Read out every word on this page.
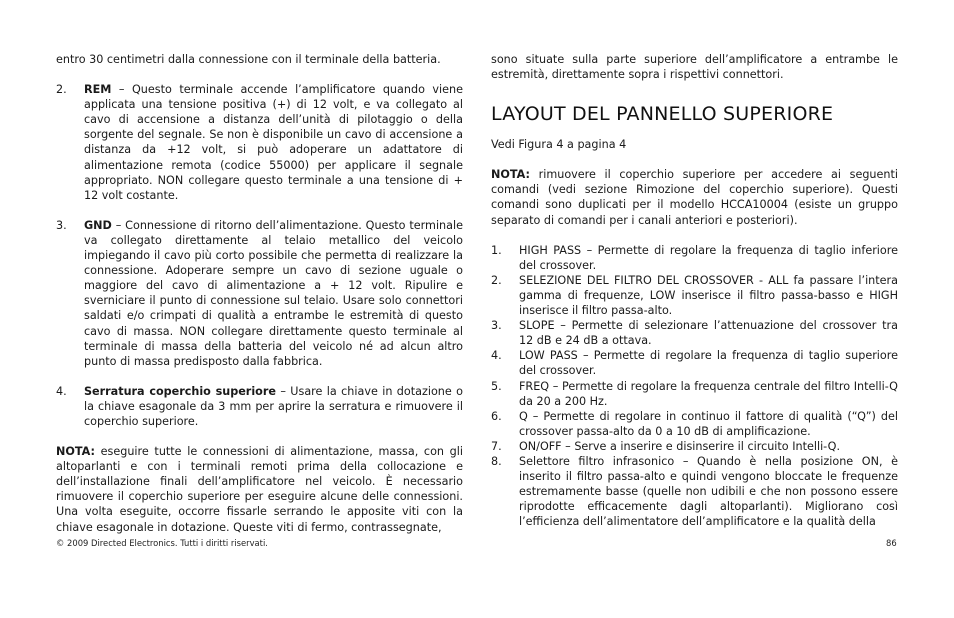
entro 30 centimetri dalla connessione con il terminale della batteria.

2.	REM – Questo terminale accende l’amplificatore quando viene applicata una tensione positiva (+) di 12 volt, e va collegato al cavo di accensione a distanza dell’unità di pilotaggio o della sorgente del segnale. Se non è disponibile un cavo di accensione a distanza da +12 volt, si può adoperare un adattatore di alimentazione remota (codice 55000) per applicare il segnale appropriato. NON collegare questo terminale a una tensione di + 12 volt costante.

3.	GND – Connessione di ritorno dell’alimentazione. Questo terminale va collegato direttamente al telaio metallico del veicolo impiegando il cavo più corto possibile che permetta di realizzare la connessione. Adoperare sempre un cavo di sezione uguale o maggiore del cavo di alimentazione a + 12 volt. Ripulire e sverniciare il punto di connessione sul telaio. Usare solo connettori saldati e/o crimpati di qualità a entrambe le estremità di questo cavo di massa. NON collegare direttamente questo terminale al terminale di massa della batteria del veicolo né ad alcun altro punto di massa predisposto dalla fabbrica.

4.	Serratura coperchio superiore – Usare la chiave in dotazione o la chiave esagonale da 3 mm per aprire la serratura e rimuovere il coperchio superiore.

NOTA: eseguire tutte le connessioni di alimentazione, massa, con gli altoparlanti e con i terminali remoti prima della collocazione e dell’installazione finali dell’amplificatore nel veicolo. È necessario rimuovere il coperchio superiore per eseguire alcune delle connessioni. Una volta eseguite, occorre fissarle serrando le apposite viti con la chiave esagonale in dotazione. Queste viti di fermo, contrassegnate,

sono situate sulla parte superiore dell’amplificatore a entrambe le estremità, direttamente sopra i rispettivi connettori.

LAYOUT DEL PANNELLO SUPERIORE

Vedi Figura 4 a pagina 4

NOTA: rimuovere il coperchio superiore per accedere ai seguenti comandi (vedi sezione Rimozione del coperchio superiore). Questi comandi sono duplicati per il modello HCCA10004 (esiste un gruppo separato di comandi per i canali anteriori e posteriori).

1.	HIGH PASS – Permette di regolare la frequenza di taglio inferiore del crossover.

2.	SELEZIONE DEL FILTRO DEL CROSSOVER - ALL fa passare l’intera gamma di frequenze, LOW inserisce il filtro passa-basso e HIGH inserisce il filtro passa-alto.

3.	SLOPE – Permette di selezionare l’attenuazione del crossover tra 12 dB e 24 dB a ottava.

4.	LOW PASS – Permette di regolare la frequenza di taglio superiore del crossover.

5.	FREQ – Permette di regolare la frequenza centrale del filtro Intelli-Q da 20 a 200 Hz.

6.	Q – Permette di regolare in continuo il fattore di qualità (“Q”) del crossover passa-alto da 0 a 10 dB di amplificazione.

7.	ON/OFF – Serve a inserire e disinserire il circuito Intelli-Q.

8.	Selettore filtro infrasonico – Quando è nella posizione ON, è inserito il filtro passa-alto e quindi vengono bloccate le frequenze estremamente basse (quelle non udibili e che non possono essere riprodotte efficacemente dagli altoparlanti). Migliorano così l’efficienza dell’alimentatore dell’amplificatore e la qualità della

© 2009 Directed Electronics. Tutti i diritti riservati.	86
